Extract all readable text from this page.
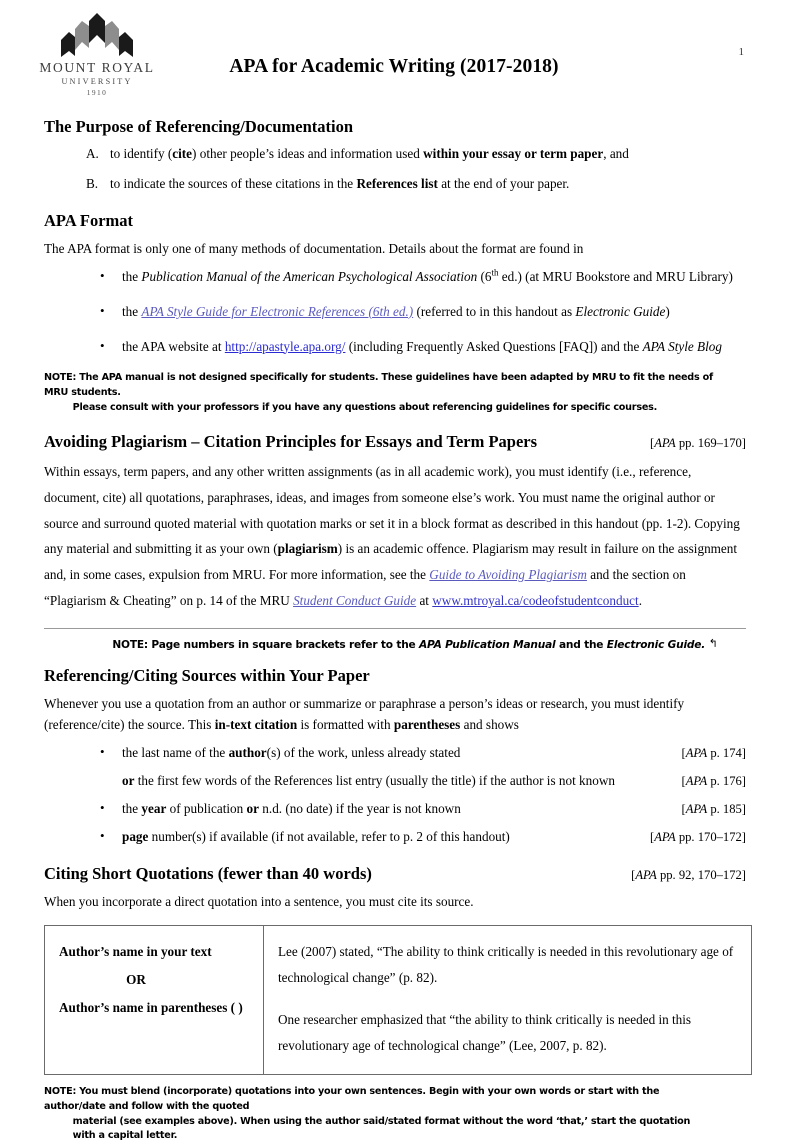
MOUNT ROYAL
UNIVERSITY
1910
APA for Academic Writing (2017-2018)
1
The Purpose of Referencing/Documentation
A. to identify (cite) other people’s ideas and information used within your essay or term paper, and
B. to indicate the sources of these citations in the References list at the end of your paper.
APA Format

The APA format is only one of many methods of documentation. Details about the format are found in

• the Publication Manual of the American Psychological Association (6th ed.) (at MRU Bookstore and MRU Library)
• the APA Style Guide for Electronic References (6th ed.) (referred to in this handout as Electronic Guide)
• the APA website at http://apastyle.apa.org/ (including Frequently Asked Questions [FAQ]) and the APA Style Blog
NOTE: The APA manual is not designed specifically for students. These guidelines have been adapted by MRU to fit the needs of MRU students.
Please consult with your professors if you have any questions about referencing guidelines for specific courses.
Avoiding Plagiarism – Citation Principles for Essays and Term Papers	[APA pp. 169–170]

Within essays, term papers, and any other written assignments (as in all academic work), you must identify (i.e., reference, document, cite) all quotations, paraphrases, ideas, and images from someone else’s work. You must name the original author or source and surround quoted material with quotation marks or set it in a block format as described in this handout (pp. 1-2). Copying any material and submitting it as your own (plagiarism) is an academic offence. Plagiarism may result in failure on the assignment and, in some cases, expulsion from MRU. For more information, see the Guide to Avoiding Plagiarism and the section on “Plagiarism & Cheating” on p. 14 of the MRU Student Conduct Guide at www.mtroyal.ca/codeofstudentconduct.

NOTE: Page numbers in square brackets refer to the APA Publication Manual and the Electronic Guide. ↰
Referencing/Citing Sources within Your Paper

Whenever you use a quotation from an author or summarize or paraphrase a person’s ideas or research, you must identify (reference/cite) the source. This in-text citation is formatted with parentheses and shows

• the last name of the author(s) of the work, unless already stated	[APA p. 174]
or the first few words of the References list entry (usually the title) if the author is not known	[APA p. 176]
• the year of publication or n.d. (no date) if the year is not known	[APA p. 185]
• page number(s) if available (if not available, refer to p. 2 of this handout)	[APA pp. 170–172]
Citing Short Quotations (fewer than 40 words)	[APA pp. 92, 170–172]

When you incorporate a direct quotation into a sentence, you must cite its source.

Author’s name in your text
OR
Author’s name in parentheses ( )	

Lee (2007) stated, “The ability to think critically is needed in this revolutionary age of technological change” (p. 82).

One researcher emphasized that “the ability to think critically is needed in this revolutionary age of technological change” (Lee, 2007, p. 82).

NOTE: You must blend (incorporate) quotations into your own sentences. Begin with your own words or start with the author/date and follow with the quoted
material (see examples above). When using the author said/stated format without the word ‘that,’ start the quotation with a capital letter.
